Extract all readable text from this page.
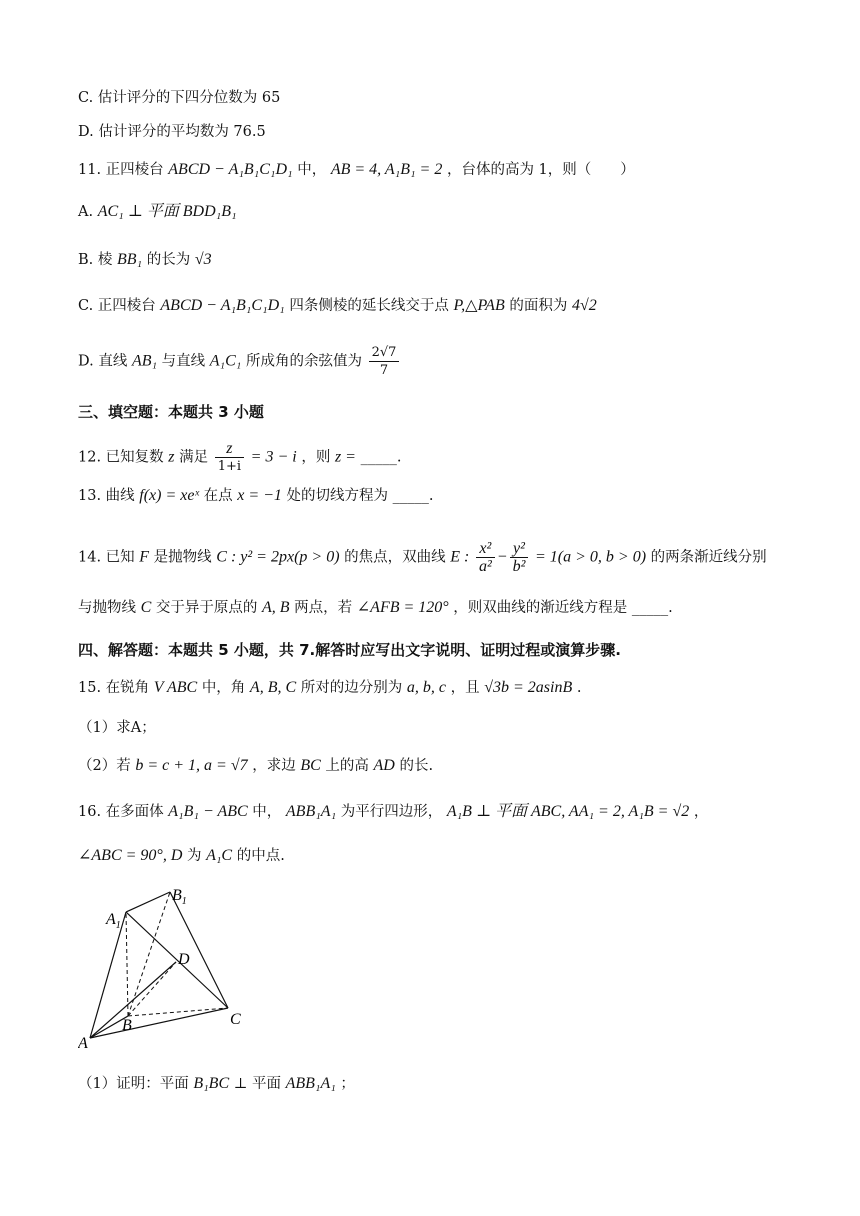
C. 估计评分的下四分位数为 65
D. 估计评分的平均数为 76.5
11. 正四棱台 ABCD − A₁B₁C₁D₁ 中， AB = 4, A₁B₁ = 2 ，台体的高为 1，则（　　）
A. AC₁ ⊥ 平面 BDD₁B₁
B. 棱 BB₁ 的长为 √3
C. 正四棱台 ABCD − A₁B₁C₁D₁ 四条侧棱的延长线交于点 P,△PAB 的面积为 4√2
D. 直线 AB₁ 与直线 A₁C₁ 所成角的余弦值为 $\frac{2√7}{7}$
三、填空题：本题共 3 小题
12. 已知复数 z 满足 $\frac{z}{1+i} = 3 - i$ ，则 z = _____.
13. 曲线 f(x) = xeˣ 在点 x = −1 处的切线方程为 _____.
14. 已知 F 是抛物线 C : y² = 2px(p > 0) 的焦点，双曲线 E : $\frac{\text{x²}}{\text{a²}} - \frac{\text{y²}}{\text{b²}} = 1(a > 0$, b > 0) 的两条渐近线分别
与抛物线 C 交于异于原点的 A, B 两点，若 ∠AFB = 120° ，则双曲线的渐近线方程是 _____.
四、解答题：本题共 5 小题，共 7.解答时应写出文字说明、证明过程或演算步骤.
15. 在锐角 V ABC 中，角 A, B, C 所对的边分别为 a, b, c ，且 √3b = 2asinB .
（1）求A；
（2）若 b = c + 1, a = √7 ，求边 BC 上的高 AD 的长.
16. 在多面体 A₁B₁ − ABC 中， ABB₁A₁ 为平行四边形， A₁B ⊥ 平面 ABC, AA₁ = 2, A₁B = √2 ，
∠ABC = 90°, D 为 A₁C 的中点.
A
B	C
D
$A_1$
$B_1$
（1）证明：平面 B₁BC ⊥ 平面 ABB₁A₁ ；
